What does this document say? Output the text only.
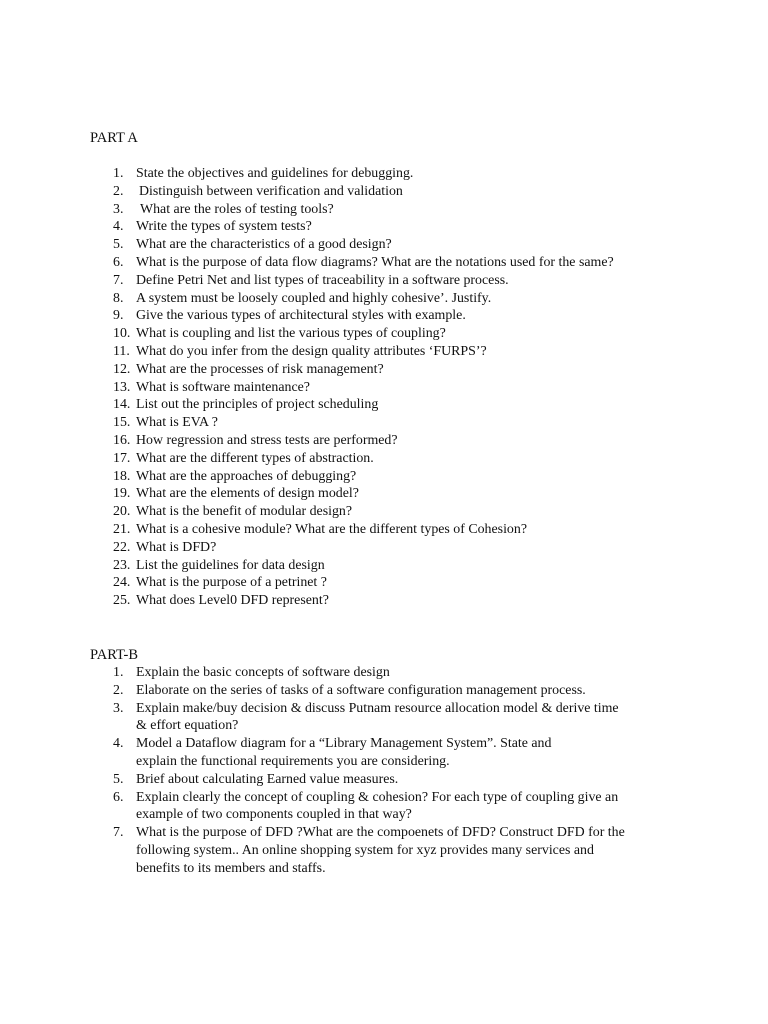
PART A
1. State the objectives and guidelines for debugging.
2.	Distinguish between verification and validation
3.	What are the roles of testing tools?
4. Write the types of system tests?
5. What are the characteristics of a good design?
6. What is the purpose of data flow diagrams? What are the notations used for the same?
7. Define Petri Net and list types of traceability in a software process.
8. A system must be loosely coupled and highly cohesive’. Justify.
9. Give the various types of architectural styles with example.
10. What is coupling and list the various types of coupling?
11. What do you infer from the design quality attributes ‘FURPS’?
12. What are the processes of risk management?
13. What is software maintenance?
14. List out the principles of project scheduling
15. What is EVA ?
16. How regression and stress tests are performed?
17. What are the different types of abstraction.
18. What are the approaches of debugging?
19. What are the elements of design model?
20. What is the benefit of modular design?
21. What is a cohesive module? What are the different types of Cohesion?
22. What is DFD?
23. List the guidelines for data design
24. What is the purpose of a petrinet ?
25. What does Level0 DFD represent?
PART-B
1. Explain the basic concepts of software design
2. Elaborate on the series of tasks of a software configuration management process.
3. Explain make/buy decision & discuss Putnam resource allocation model & derive time
& effort equation?
4. Model a Dataflow diagram for a “Library Management System”. State and
explain the functional requirements you are considering.
5. Brief about calculating Earned value measures.
6. Explain clearly the concept of coupling & cohesion? For each type of coupling give an
example of two components coupled in that way?
7. What is the purpose of DFD ?What are the compoenets of DFD? Construct DFD for the
following system.. An online shopping system for xyz provides many services and
benefits to its members and staffs.
